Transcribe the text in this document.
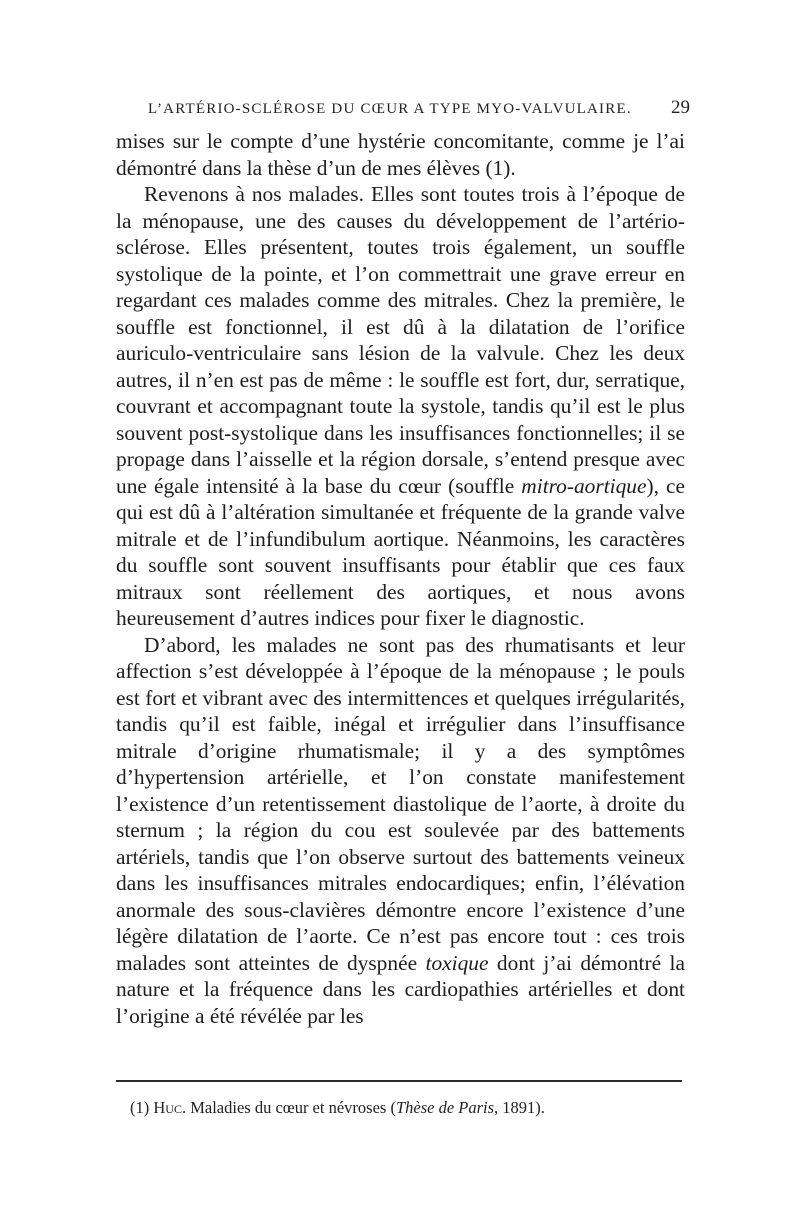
L’ARTÉRIO-SCLÉROSE DU CŒUR A TYPE MYO-VALVULAIRE. 29

mises sur le compte d’une hystérie concomitante, comme je l’ai démontré dans la thèse d’un de mes élèves (1).

Revenons à nos malades. Elles sont toutes trois à l’époque de la ménopause, une des causes du développement de l’artério-sclérose. Elles présentent, toutes trois également, un souffle systolique de la pointe, et l’on commettrait une grave erreur en regardant ces malades comme des mitrales. Chez la première, le souffle est fonctionnel, il est dû à la dilatation de l’orifice auriculo-ventriculaire sans lésion de la valvule. Chez les deux autres, il n’en est pas de même : le souffle est fort, dur, serratique, couvrant et accompagnant toute la systole, tandis qu’il est le plus souvent post-systolique dans les insuffisances fonctionnelles; il se propage dans l’aisselle et la région dorsale, s’entend presque avec une égale intensité à la base du cœur (souffle mitro-aortique), ce qui est dû à l’altération simultanée et fréquente de la grande valve mitrale et de l’infundibulum aortique. Néanmoins, les caractères du souffle sont souvent insuffisants pour établir que ces faux mitraux sont réellement des aortiques, et nous avons heureusement d’autres indices pour fixer le diagnostic.

D’abord, les malades ne sont pas des rhumatisants et leur affection s’est développée à l’époque de la ménopause ; le pouls est fort et vibrant avec des intermittences et quelques irrégularités, tandis qu’il est faible, inégal et irrégulier dans l’insuffisance mitrale d’origine rhumatismale; il y a des symptômes d’hypertension artérielle, et l’on constate manifestement l’existence d’un retentissement diastolique de l’aorte, à droite du sternum ; la région du cou est soulevée par des battements artériels, tandis que l’on observe surtout des battements veineux dans les insuffisances mitrales endocardiques; enfin, l’élévation anormale des sous-clavières démontre encore l’existence d’une légère dilatation de l’aorte. Ce n’est pas encore tout : ces trois malades sont atteintes de dyspnée toxique dont j’ai démontré la nature et la fréquence dans les cardiopathies artérielles et dont l’origine a été révélée par les

(1) Huc. Maladies du cœur et névroses (Thèse de Paris, 1891).
